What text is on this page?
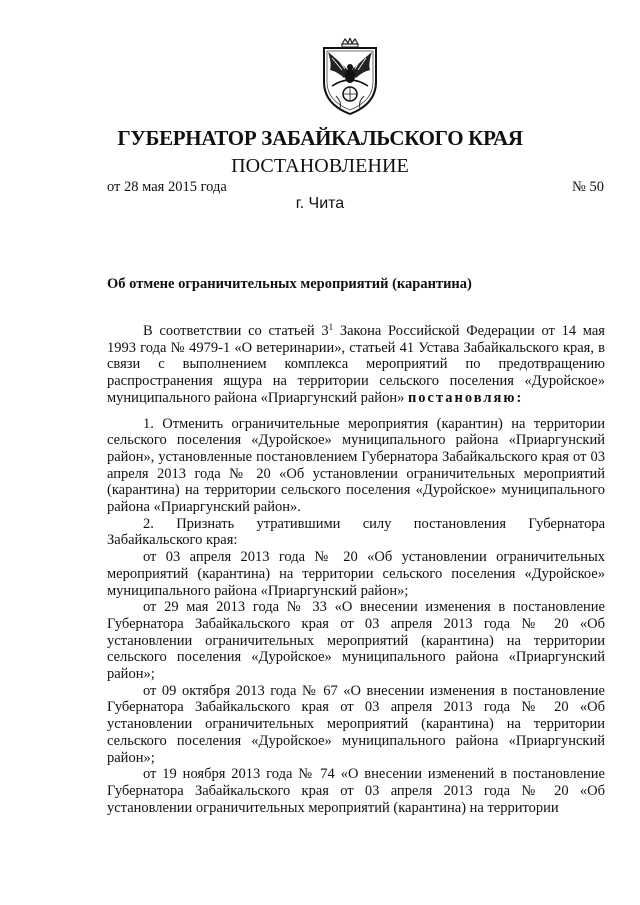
ГУБЕРНАТОР ЗАБАЙКАЛЬСКОГО КРАЯ
ПОСТАНОВЛЕНИЕ
от 28 мая 2015 года	№ 50
г. Чита
Об отмене ограничительных мероприятий (карантина)

В соответствии со статьей $3^1$ Закона Российской Федерации от 14 мая 1993 года № 4979-1 «О ветеринарии», статьей 41 Устава Забайкальского края, в связи с выполнением комплекса мероприятий по предотвращению распространения ящура на территории сельского поселения «Дуройское» муниципального района «Приаргунский район» постановляю:

1. Отменить ограничительные мероприятия (карантин) на территории сельского поселения «Дуройское» муниципального района «Приаргунский район», установленные постановлением Губернатора Забайкальского края от 03 апреля 2013 года № 20 «Об установлении ограничительных мероприятий (карантина) на территории сельского поселения «Дуройское» муниципального района «Приаргунский район».

2. Признать утратившими силу постановления Губернатора Забайкальского края:

от 03 апреля 2013 года № 20 «Об установлении ограничительных мероприятий (карантина) на территории сельского поселения «Дуройское» муниципального района «Приаргунский район»;

от 29 мая 2013 года № 33 «О внесении изменения в постановление Губернатора Забайкальского края от 03 апреля 2013 года № 20 «Об установлении ограничительных мероприятий (карантина) на территории сельского поселения «Дуройское» муниципального района «Приаргунский район»;

от 09 октября 2013 года № 67 «О внесении изменения в постановление Губернатора Забайкальского края от 03 апреля 2013 года № 20 «Об установлении ограничительных мероприятий (карантина) на территории сельского поселения «Дуройское» муниципального района «Приаргунский район»;

от 19 ноября 2013 года № 74 «О внесении изменений в постановление Губернатора Забайкальского края от 03 апреля 2013 года № 20 «Об установлении ограничительных мероприятий (карантина) на территории
